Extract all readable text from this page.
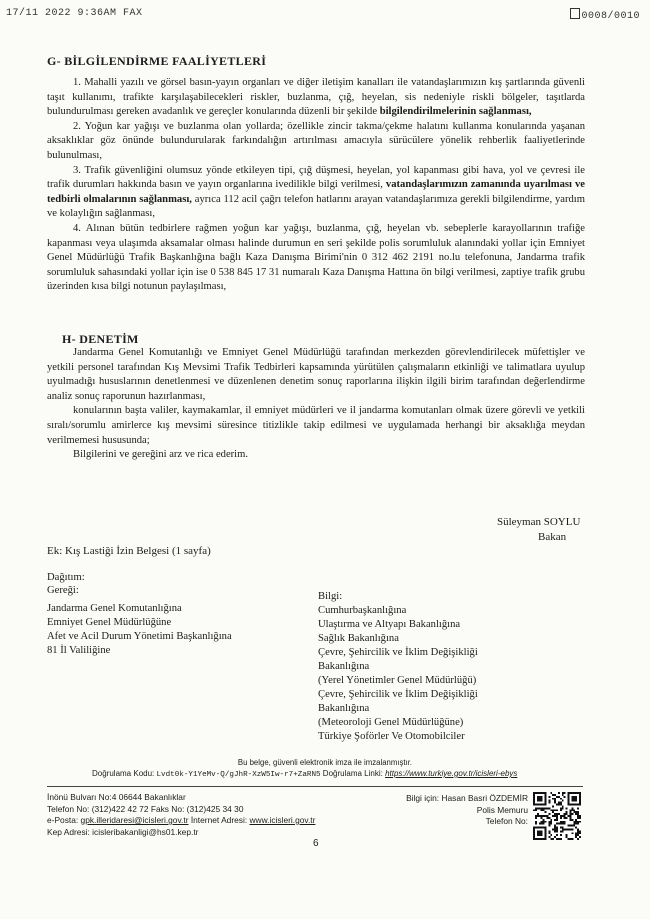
17/11 2022 9:36AM FAX	0008/0010
G- BİLGİLENDİRME FAALİYETLERİ

1. Mahalli yazılı ve görsel basın-yayın organları ve diğer iletişim kanalları ile vatandaşlarımızın kış şartlarında güvenli taşıt kullanımı, trafikte karşılaşabilecekleri riskler, buzlanma, çığ, heyelan, sis nedeniyle riskli bölgeler, taşıtlarda bulundurulması gereken avadanlık ve gereçler konularında düzenli bir şekilde bilgilendirilmelerinin sağlanması,

2. Yoğun kar yağışı ve buzlanma olan yollarda; özellikle zincir takma/çekme halatını kullanma konularında yaşanan aksaklıklar göz önünde bulundurularak farkındalığın artırılması amacıyla sürücülere yönelik rehberlik faaliyetlerinde bulunulması,

3. Trafik güvenliğini olumsuz yönde etkileyen tipi, çığ düşmesi, heyelan, yol kapanması gibi hava, yol ve çevresi ile trafik durumları hakkında basın ve yayın organlarına ivedilikle bilgi verilmesi, vatandaşlarımızın zamanında uyarılması ve tedbirli olmalarının sağlanması, ayrıca 112 acil çağrı telefon hatlarını arayan vatandaşlarımıza gerekli bilgilendirme, yardım ve kolaylığın sağlanması,

4. Alınan bütün tedbirlere rağmen yoğun kar yağışı, buzlanma, çığ, heyelan vb. sebeplerle karayollarının trafiğe kapanması veya ulaşımda aksamalar olması halinde durumun en seri şekilde polis sorumluluk alanındaki yollar için Emniyet Genel Müdürlüğü Trafik Başkanlığına bağlı Kaza Danışma Birimi'nin 0 312 462 2191 no.lu telefonuna, Jandarma trafik sorumluluk sahasındaki yollar için ise 0 538 845 17 31 numaralı Kaza Danışma Hattına ön bilgi verilmesi, zaptiye trafik grubu üzerinden kısa bilgi notunun paylaşılması,

H- DENETİM

Jandarma Genel Komutanlığı ve Emniyet Genel Müdürlüğü tarafından merkezden görevlendirilecek müfettişler ve yetkili personel tarafından Kış Mevsimi Trafik Tedbirleri kapsamında yürütülen çalışmaların etkinliği ve talimatlara uyulup uyulmadığı hususlarının denetlenmesi ve düzenlenen denetim sonuç raporlarına ilişkin ilgili birim tarafından değerlendirme analiz sonuç raporunun hazırlanması,

konularının başta valiler, kaymakamlar, il emniyet müdürleri ve il jandarma komutanları olmak üzere görevli ve yetkili sıralı/sorumlu amirlerce kış mevsimi süresince titizlikle takip edilmesi ve uygulamada herhangi bir aksaklığa meydan verilmemesi hususunda;

Bilgilerini ve gereğini arz ve rica ederim.

Süleyman SOYLU
Bakan
Ek: Kış Lastiği İzin Belgesi (1 sayfa)
Dağıtım:
Gereği:
Jandarma Genel Komutanlığına
Emniyet Genel Müdürlüğüne
Afet ve Acil Durum Yönetimi Başkanlığına
81 İl Valiliğine
Bilgi:
Cumhurbaşkanlığına
Ulaştırma ve Altyapı Bakanlığına
Sağlık Bakanlığına
Çevre, Şehircilik ve İklim Değişikliği
Bakanlığına
(Yerel Yönetimler Genel Müdürlüğü)
Çevre, Şehircilik ve İklim Değişikliği
Bakanlığına
(Meteoroloji Genel Müdürlüğüne)
Türkiye Şoförler Ve Otomobilciler
Bu belge, güvenli elektronik imza ile imzalanmıştır.
Doğrulama Kodu: Lvdt0k-Y1YeMv-Q/gJhR-XzW5Iw-r7+ZaRN5 Doğrulama Linki: https://www.turkiye.gov.tr/icisleri-ebys
İnönü Bulvarı No:4 06644 Bakanlıklar
Telefon No: (312)422 42 72 Faks No: (312)425 34 30
e-Posta: gpk.illeridaresi@icisleri.gov.tr İnternet Adresi: www.icisleri.gov.tr
Kep Adresi: icisleribakanligi@hs01.kep.tr
Bilgi için: Hasan Basri ÖZDEMİR
Polis Memuru
Telefon No:
6
